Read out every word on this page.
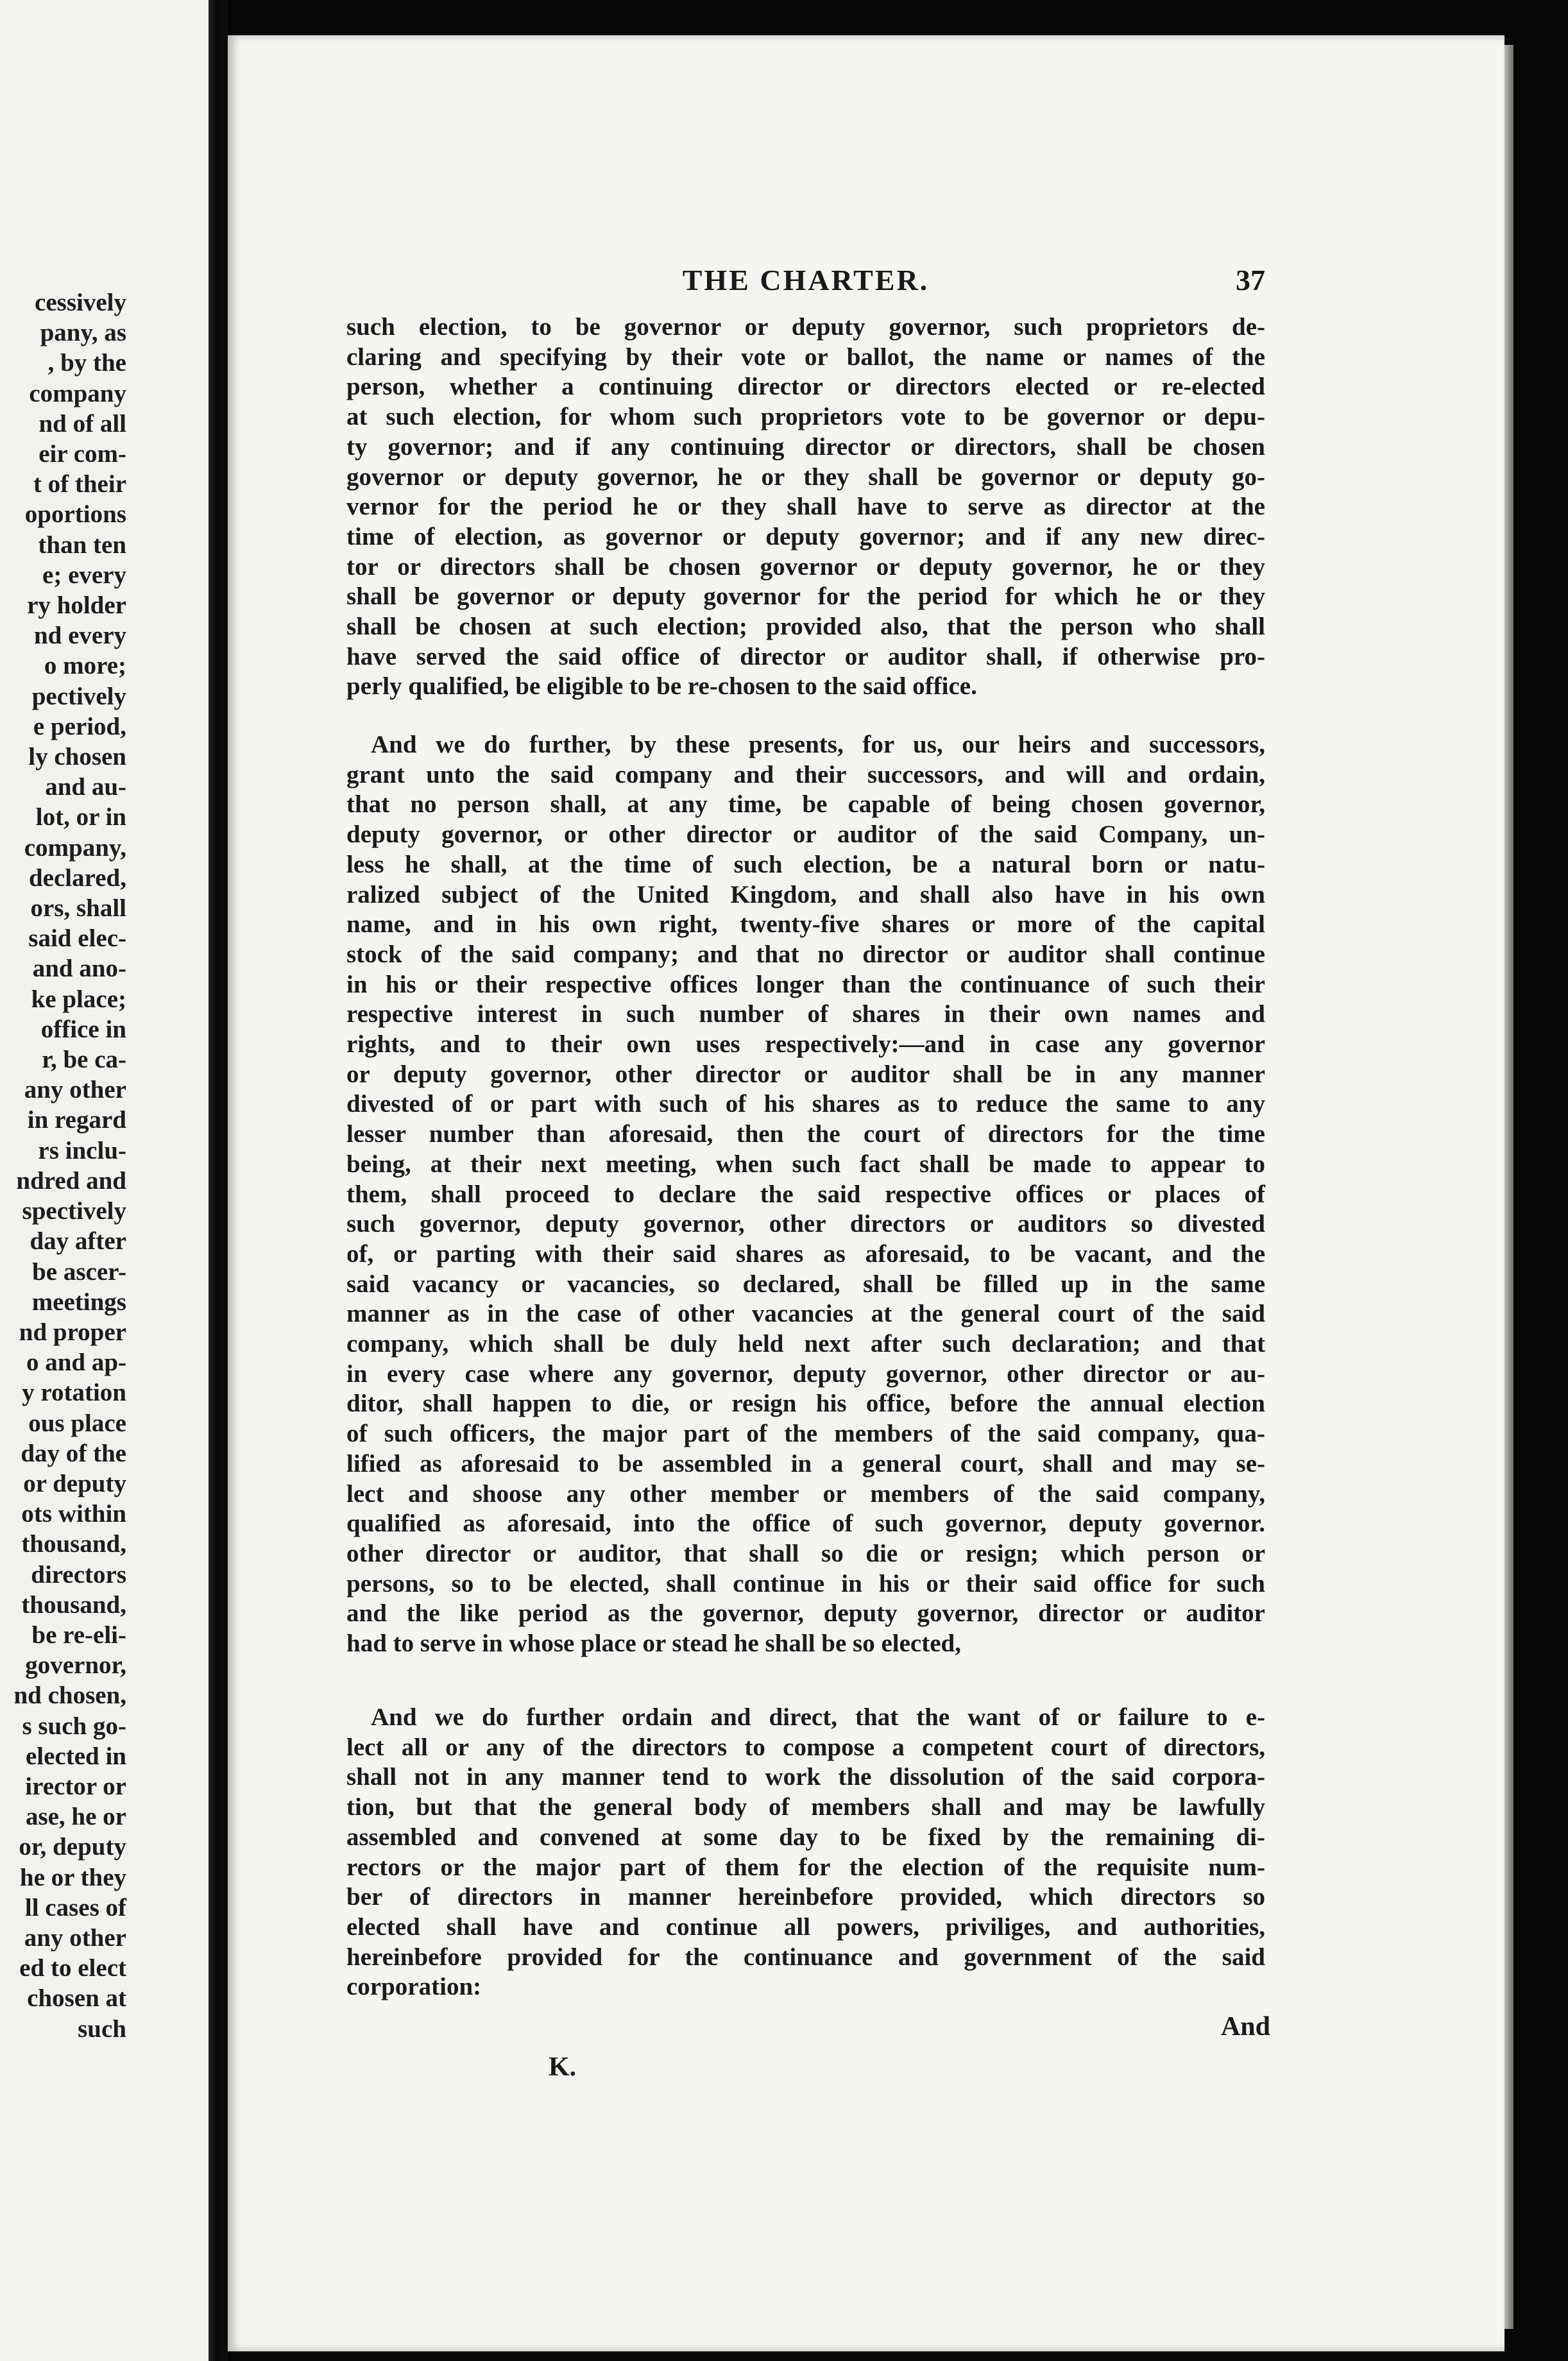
cessively
pany, as
, by the
company
nd of all
eir com-
t of their
oportions
than ten
e; every
ry holder
nd every
o more;
pectively
e period,
ly chosen
and au-
lot, or in
company,
declared,
ors, shall
said elec-
and ano-
ke place;
office in
r, be ca-
any other
in regard
rs inclu-
ndred and
spectively
day after
be ascer-
meetings
nd proper
o and ap-
y rotation
ous place
day of the
or deputy
ots within
thousand,
directors
thousand,
be re-eli-
governor,
nd chosen,
s such go-
elected in
irector or
ase, he or
or, deputy
he or they
ll cases of
any other
ed to elect
chosen at
such
THE CHARTER.	37
such election, to be governor or deputy governor, such proprietors de-
claring and specifying by their vote or ballot, the name or names of the
person, whether a continuing director or directors elected or re-elected
at such election, for whom such proprietors vote to be governor or depu-
ty governor; and if any continuing director or directors, shall be chosen
governor or deputy governor, he or they shall be governor or deputy go-
vernor for the period he or they shall have to serve as director at the
time of election, as governor or deputy governor; and if any new direc-
tor or directors shall be chosen governor or deputy governor, he or they
shall be governor or deputy governor for the period for which he or they
shall be chosen at such election; provided also, that the person who shall
have served the said office of director or auditor shall, if otherwise pro-
perly qualified, be eligible to be re-chosen to the said office.
And we do further, by these presents, for us, our heirs and successors,
grant unto the said company and their successors, and will and ordain,
that no person shall, at any time, be capable of being chosen governor,
deputy governor, or other director or auditor of the said Company, un-
less he shall, at the time of such election, be a natural born or natu-
ralized subject of the United Kingdom, and shall also have in his own
name, and in his own right, twenty-five shares or more of the capital
stock of the said company; and that no director or auditor shall continue
in his or their respective offices longer than the continuance of such their
respective interest in such number of shares in their own names and
rights, and to their own uses respectively:—and in case any governor
or deputy governor, other director or auditor shall be in any manner
divested of or part with such of his shares as to reduce the same to any
lesser number than aforesaid, then the court of directors for the time
being, at their next meeting, when such fact shall be made to appear to
them, shall proceed to declare the said respective offices or places of
such governor, deputy governor, other directors or auditors so divested
of, or parting with their said shares as aforesaid, to be vacant, and the
said vacancy or vacancies, so declared, shall be filled up in the same
manner as in the case of other vacancies at the general court of the said
company, which shall be duly held next after such declaration; and that
in every case where any governor, deputy governor, other director or au-
ditor, shall happen to die, or resign his office, before the annual election
of such officers, the major part of the members of the said company, qua-
lified as aforesaid to be assembled in a general court, shall and may se-
lect and shoose any other member or members of the said company,
qualified as aforesaid, into the office of such governor, deputy governor.
other director or auditor, that shall so die or resign; which person or
persons, so to be elected, shall continue in his or their said office for such
and the like period as the governor, deputy governor, director or auditor
had to serve in whose place or stead he shall be so elected,
And we do further ordain and direct, that the want of or failure to e-
lect all or any of the directors to compose a competent court of directors,
shall not in any manner tend to work the dissolution of the said corpora-
tion, but that the general body of members shall and may be lawfully
assembled and convened at some day to be fixed by the remaining di-
rectors or the major part of them for the election of the requisite num-
ber of directors in manner hereinbefore provided, which directors so
elected shall have and continue all powers, priviliges, and authorities,
hereinbefore provided for the continuance and government of the said
corporation:
And
K.
